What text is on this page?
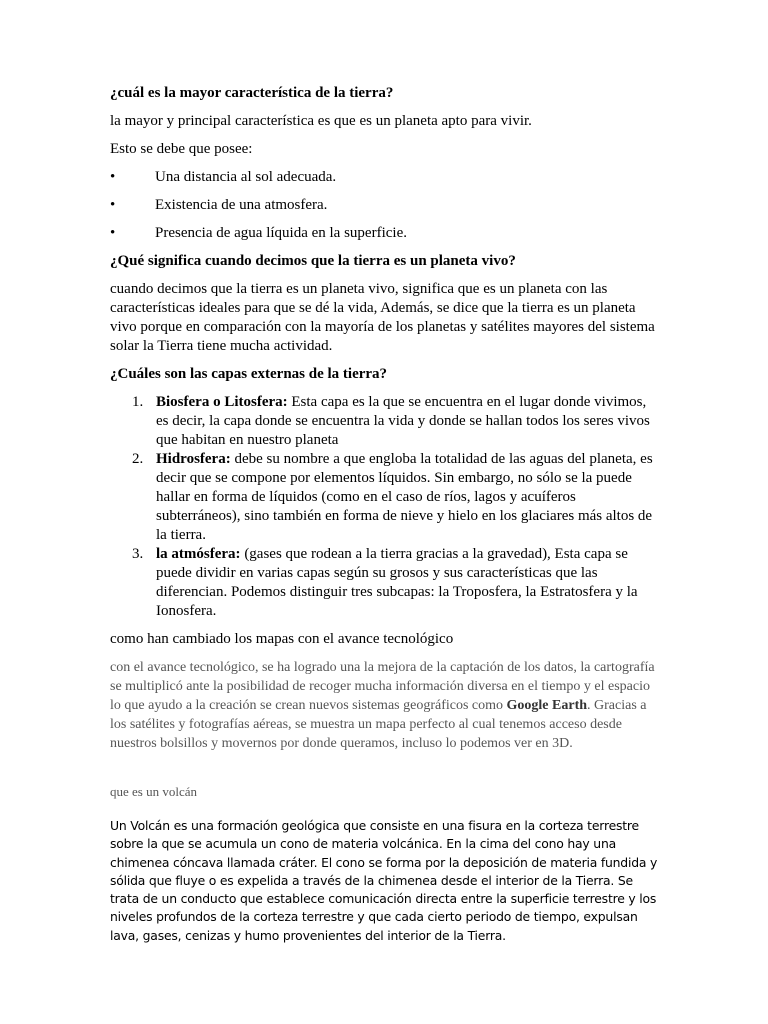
¿cuál es la mayor característica de la tierra?

la mayor y principal característica es que es un planeta apto para vivir.

Esto se debe que posee:

•	Una distancia al sol adecuada.
•	Existencia de una atmosfera.
•	Presencia de agua líquida en la superficie.

¿Qué significa cuando decimos que la tierra es un planeta vivo?

cuando decimos que la tierra es un planeta vivo, significa que es un planeta con las características ideales para que se dé la vida, Además, se dice que la tierra es un planeta vivo porque en comparación con la mayoría de los planetas y satélites mayores del sistema solar la Tierra tiene mucha actividad.

¿Cuáles son las capas externas de la tierra?

1. Biosfera o Litosfera: Esta capa es la que se encuentra en el lugar donde vivimos, es decir, la capa donde se encuentra la vida y donde se hallan todos los seres vivos que habitan en nuestro planeta
2. Hidrosfera: debe su nombre a que engloba la totalidad de las aguas del planeta, es decir que se compone por elementos líquidos. Sin embargo, no sólo se la puede hallar en forma de líquidos (como en el caso de ríos, lagos y acuíferos subterráneos), sino también en forma de nieve y hielo en los glaciares más altos de la tierra.
3. la atmósfera: (gases que rodean a la tierra gracias a la gravedad), Esta capa se puede dividir en varias capas según su grosos y sus características que las diferencian. Podemos distinguir tres subcapas: la Troposfera, la Estratosfera y la Ionosfera.

como han cambiado los mapas con el avance tecnológico

con el avance tecnológico, se ha logrado una la mejora de la captación de los datos, la cartografía se multiplicó ante la posibilidad de recoger mucha información diversa en el tiempo y el espacio lo que ayudo a la creación se crean nuevos sistemas geográficos como Google Earth. Gracias a los satélites y fotografías aéreas, se muestra un mapa perfecto al cual tenemos acceso desde nuestros bolsillos y movernos por donde queramos, incluso lo podemos ver en 3D.

que es un volcán

Un Volcán es una formación geológica que consiste en una fisura en la corteza terrestre sobre la que se acumula un cono de materia volcánica. En la cima del cono hay una chimenea cóncava llamada cráter. El cono se forma por la deposición de materia fundida y sólida que fluye o es expelida a través de la chimenea desde el interior de la Tierra. Se trata de un conducto que establece comunicación directa entre la superficie terrestre y los niveles profundos de la corteza terrestre y que cada cierto periodo de tiempo, expulsan lava, gases, cenizas y humo provenientes del interior de la Tierra.
